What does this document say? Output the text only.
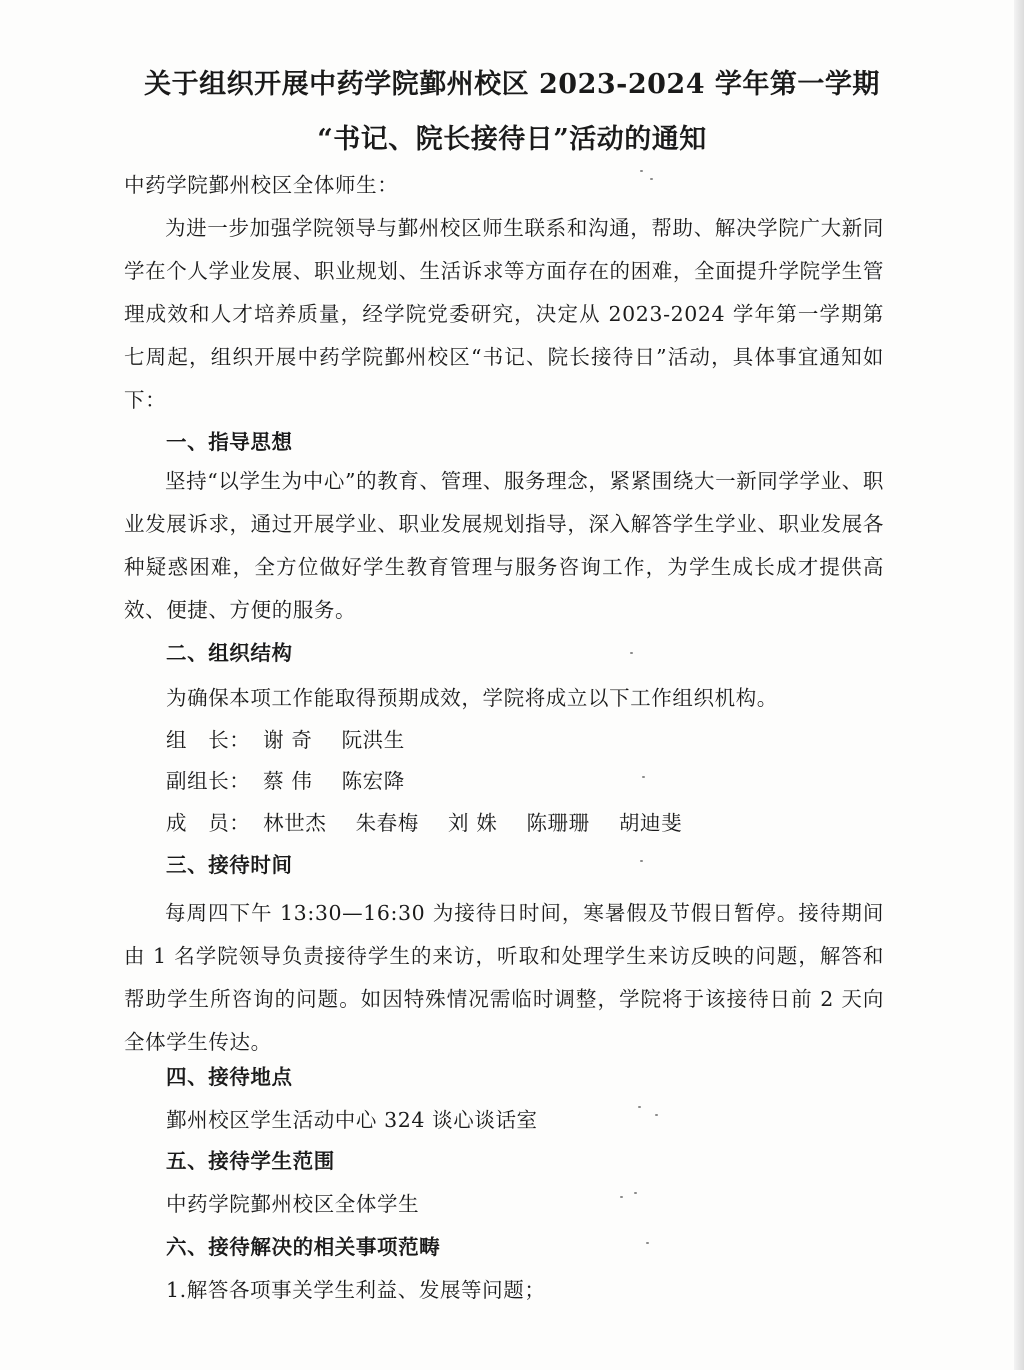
关于组织开展中药学院鄞州校区 2023-2024 学年第一学期
“书记、院长接待日”活动的通知
中药学院鄞州校区全体师生：
为进一步加强学院领导与鄞州校区师生联系和沟通，帮助、解决学院广大新同学在个人学业发展、职业规划、生活诉求等方面存在的困难，全面提升学院学生管理成效和人才培养质量，经学院党委研究，决定从 2023-2024 学年第一学期第七周起，组织开展中药学院鄞州校区“书记、院长接待日”活动，具体事宜通知如下：
一、指导思想
坚持“以学生为中心”的教育、管理、服务理念，紧紧围绕大一新同学学业、职业发展诉求，通过开展学业、职业发展规划指导，深入解答学生学业、职业发展各种疑惑困难，全方位做好学生教育管理与服务咨询工作，为学生成长成才提供高效、便捷、方便的服务。
二、组织结构
为确保本项工作能取得预期成效，学院将成立以下工作组织机构。
组　长： 谢 奇 阮洪生
副组长： 蔡 伟 陈宏降
成　员： 林世杰 朱春梅 刘 姝 陈珊珊 胡迪斐
三、接待时间
每周四下午 13:30—16:30 为接待日时间，寒暑假及节假日暂停。接待期间由 1 名学院领导负责接待学生的来访，听取和处理学生来访反映的问题，解答和帮助学生所咨询的问题。如因特殊情况需临时调整，学院将于该接待日前 2 天向全体学生传达。
四、接待地点
鄞州校区学生活动中心 324 谈心谈话室
五、接待学生范围
中药学院鄞州校区全体学生
六、接待解决的相关事项范畴
1.解答各项事关学生利益、发展等问题；
